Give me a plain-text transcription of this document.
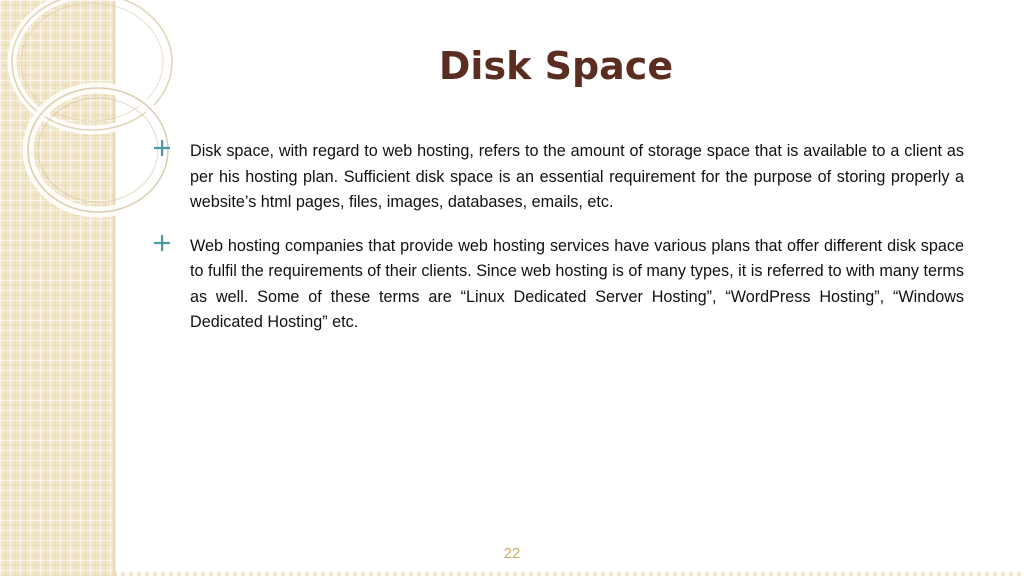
Disk Space
Disk space, with regard to web hosting, refers to the amount of storage space that is available to a client as per his hosting plan. Sufficient disk space is an essential requirement for the purpose of storing properly a website’s html pages, files, images, databases, emails, etc.
Web hosting companies that provide web hosting services have various plans that offer different disk space to fulfil the requirements of their clients. Since web hosting is of many types, it is referred to with many terms as well. Some of these terms are “Linux Dedicated Server Hosting”, “WordPress Hosting”, “Windows Dedicated Hosting” etc.
22
